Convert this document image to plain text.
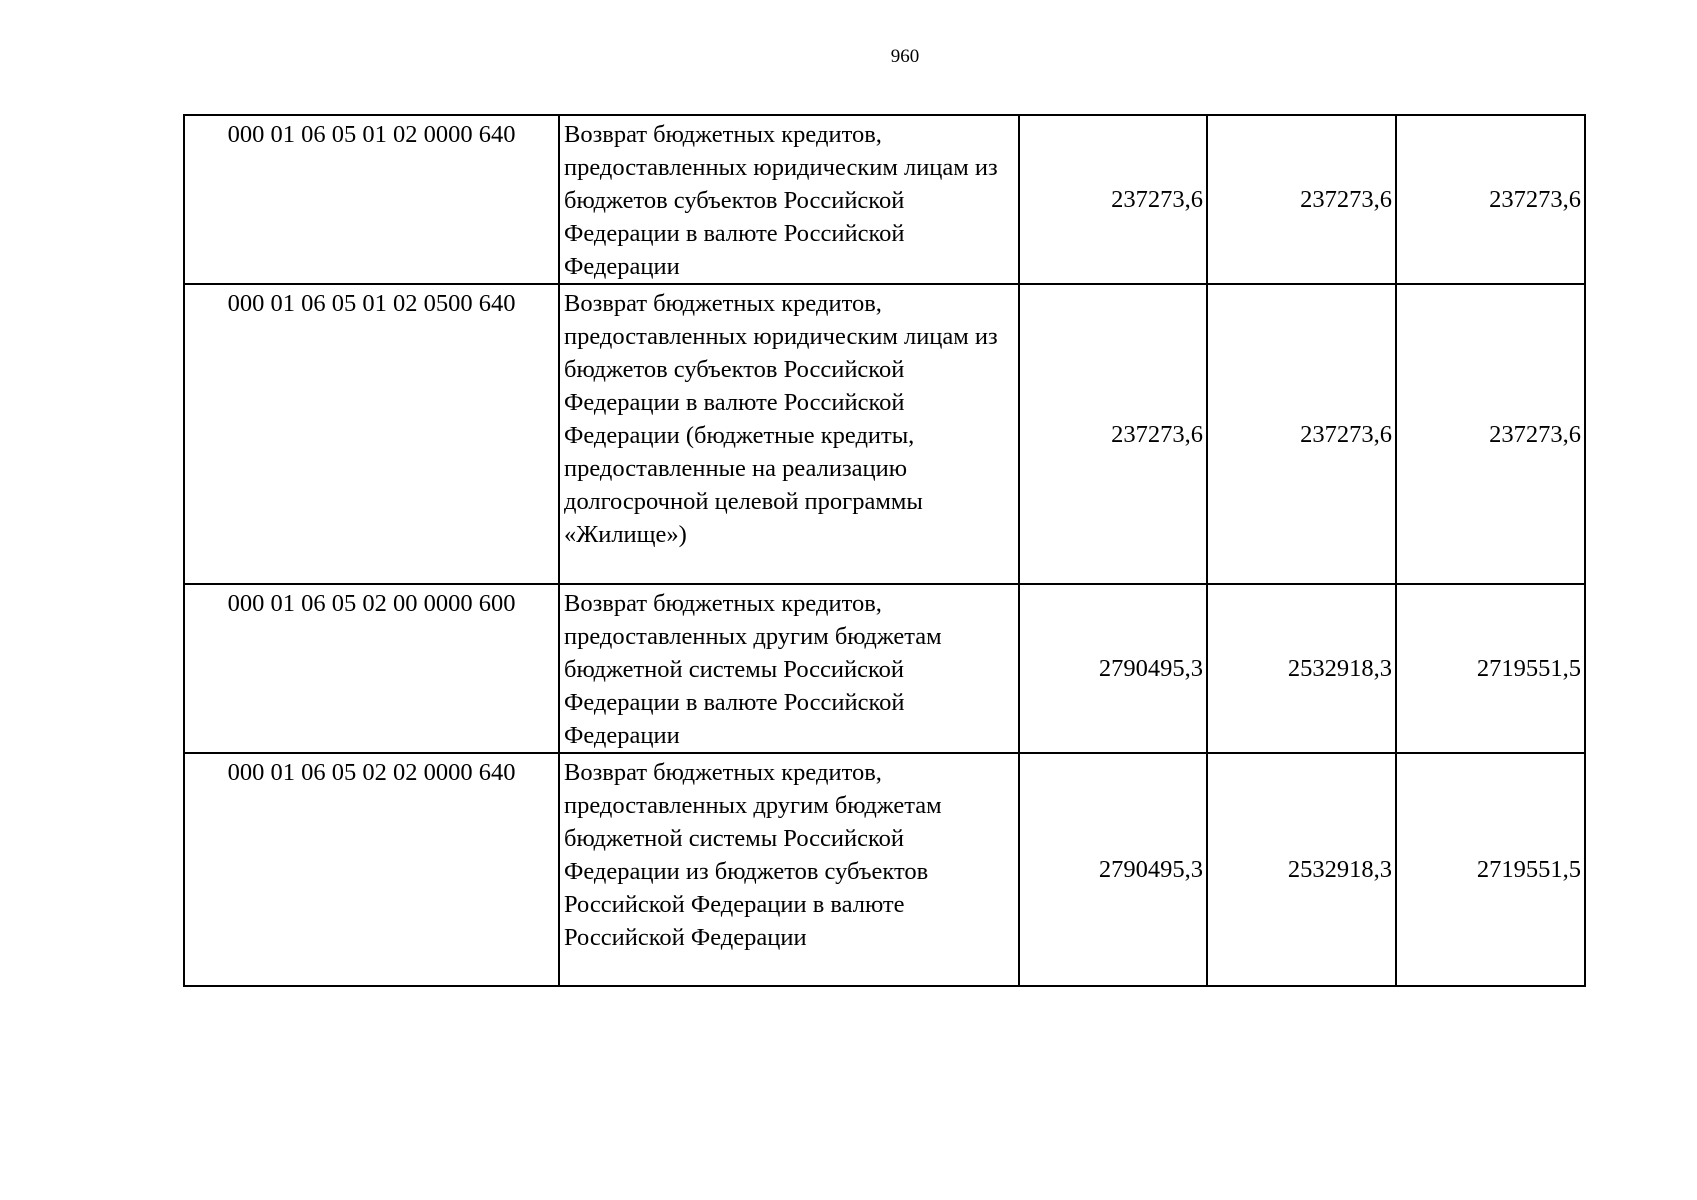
960
000 01 06 05 01 02 0000 640	Возврат бюджетных кредитов, предоставленных юридическим лицам из бюджетов субъектов Российской Федерации в валюте Российской Федерации	237273,6	237273,6	237273,6
000 01 06 05 01 02 0500 640	Возврат бюджетных кредитов, предоставленных юридическим лицам из бюджетов субъектов Российской Федерации в валюте Российской Федерации (бюджетные кредиты, предоставленные на реализацию долгосрочной целевой программы «Жилище»)	237273,6	237273,6	237273,6
000 01 06 05 02 00 0000 600	Возврат бюджетных кредитов, предоставленных другим бюджетам бюджетной системы Российской Федерации в валюте Российской Федерации	2790495,3	2532918,3	2719551,5
000 01 06 05 02 02 0000 640	Возврат бюджетных кредитов, предоставленных другим бюджетам бюджетной системы Российской Федерации из бюджетов субъектов Российской Федерации в валюте Российской Федерации	2790495,3	2532918,3	2719551,5
